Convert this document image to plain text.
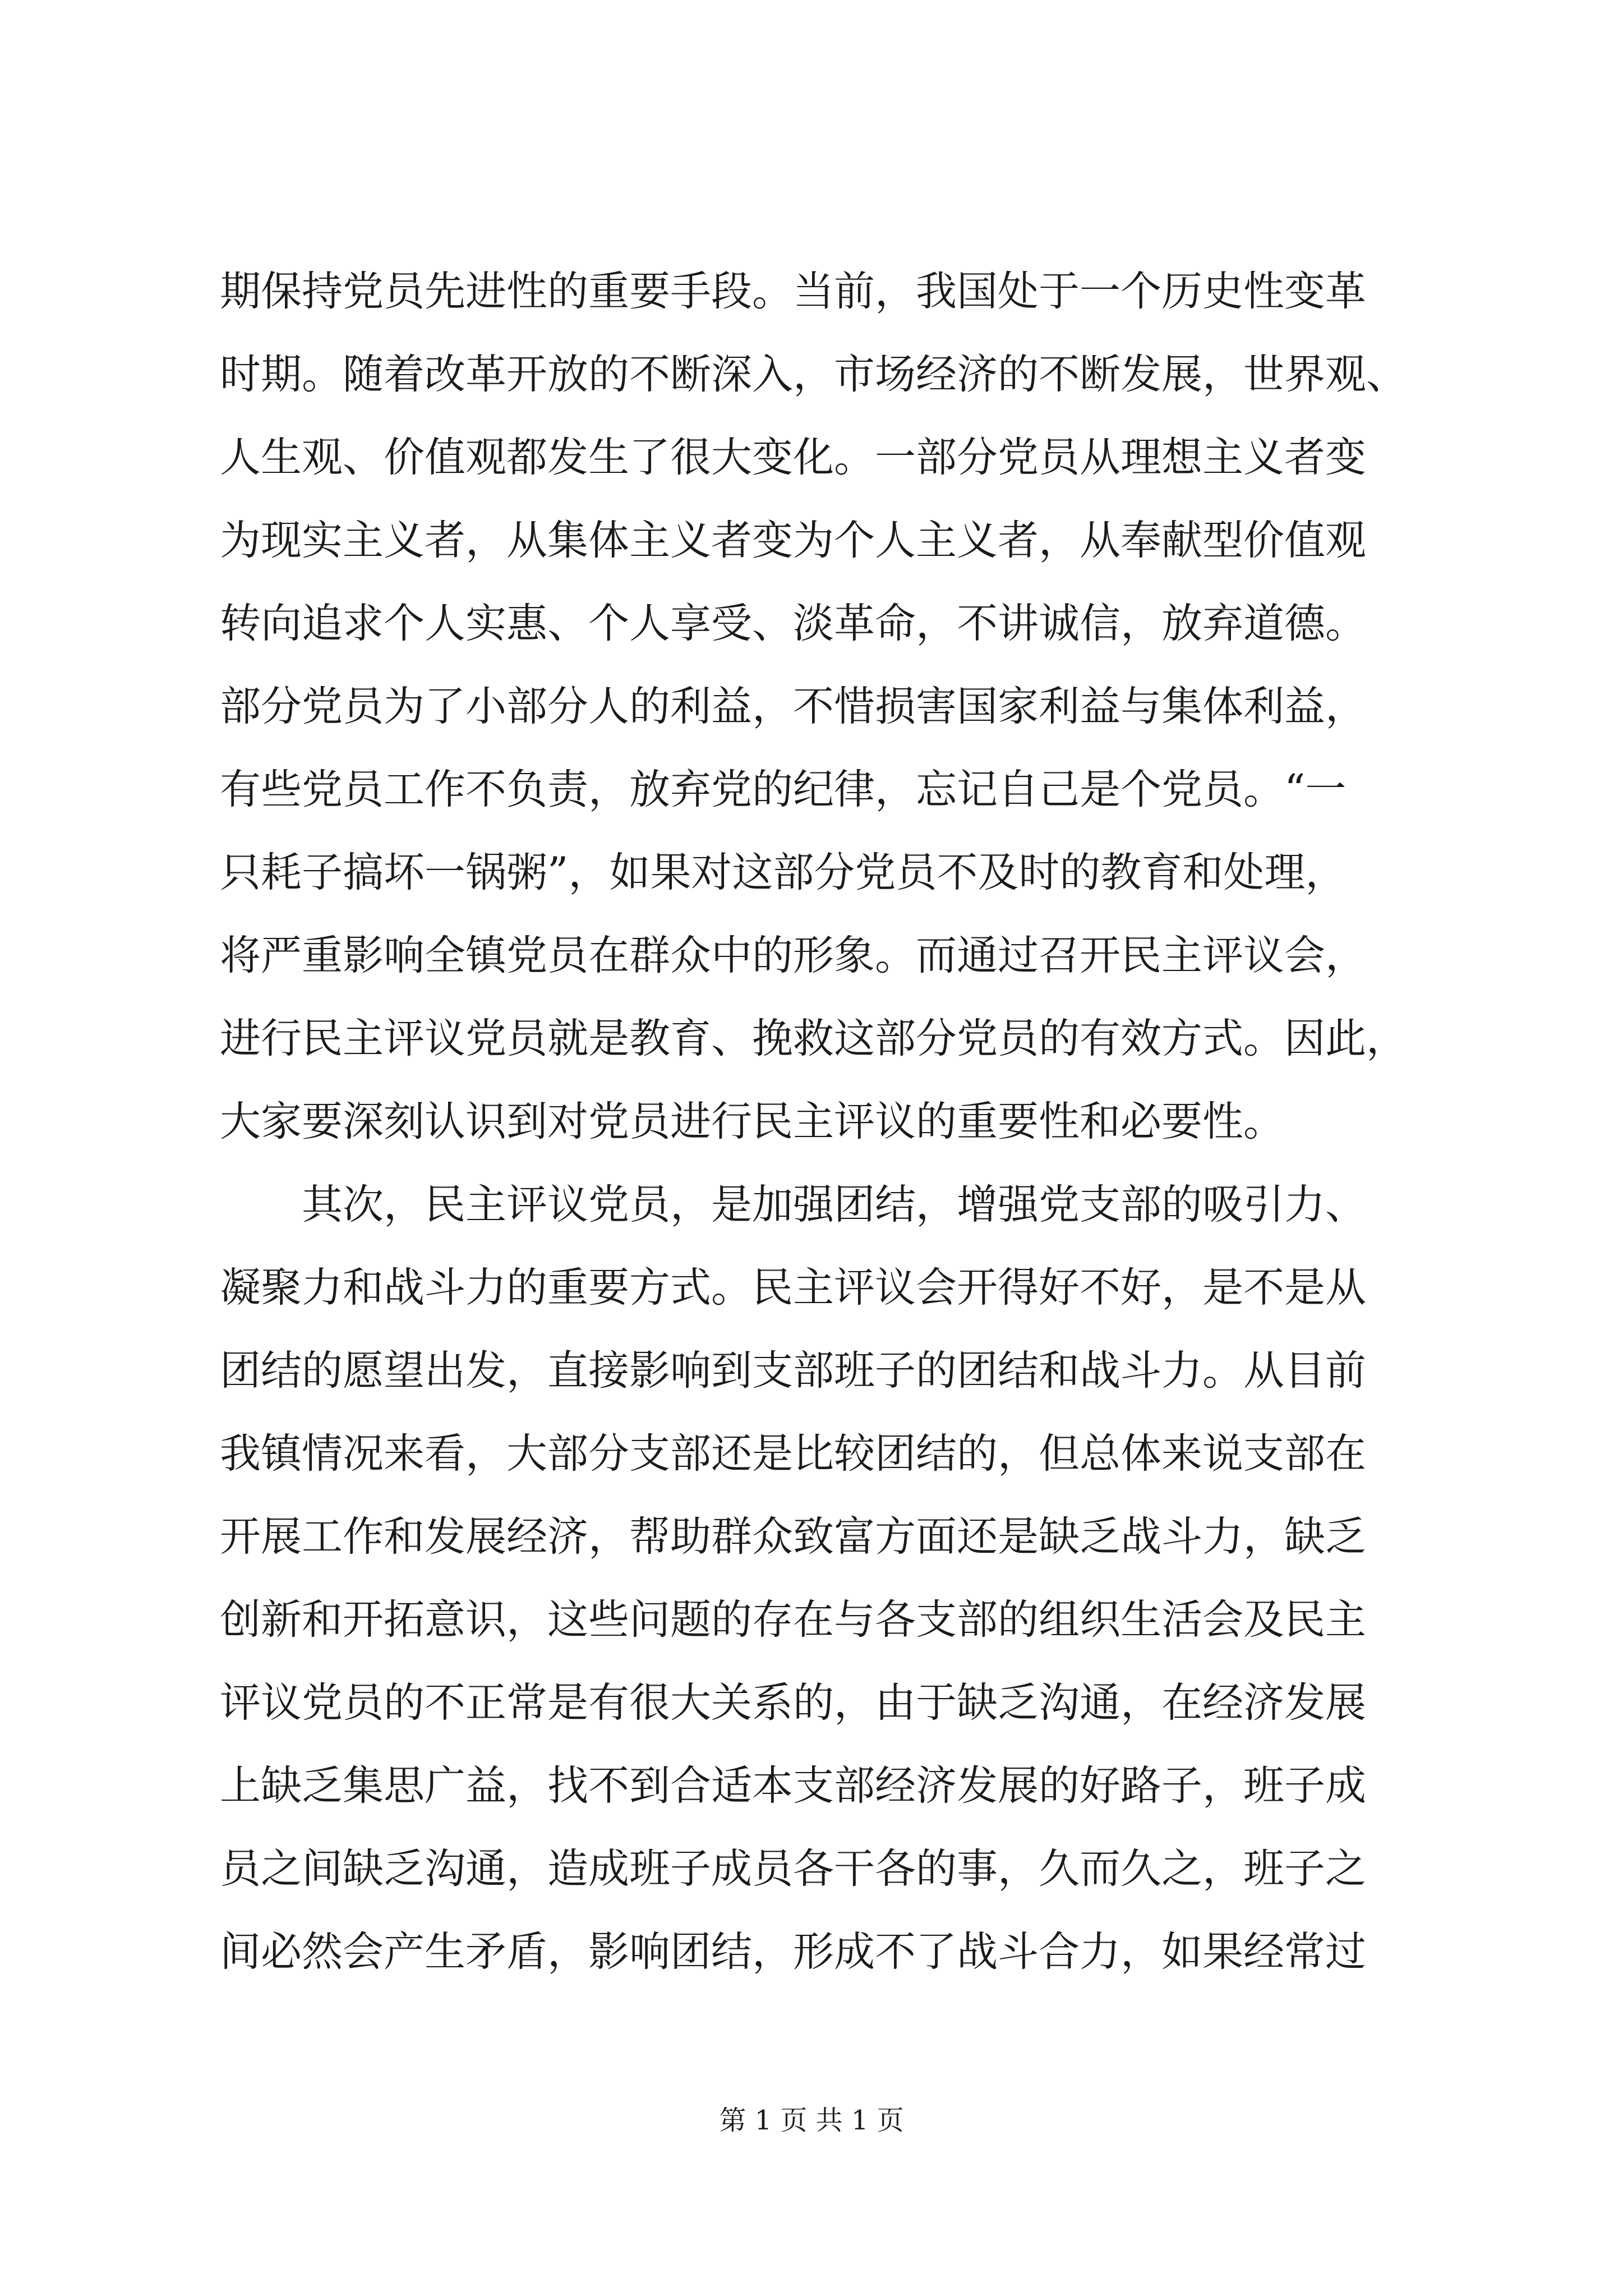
期保持党员先进性的重要手段。当前，我国处于一个历史性变革
时期。随着改革开放的不断深入，市场经济的不断发展，世界观、
人生观、价值观都发生了很大变化。一部分党员从理想主义者变
为现实主义者，从集体主义者变为个人主义者，从奉献型价值观
转向追求个人实惠、个人享受、淡革命，不讲诚信，放弃道德。
部分党员为了小部分人的利益，不惜损害国家利益与集体利益，
有些党员工作不负责，放弃党的纪律，忘记自己是个党员。“一
只耗子搞坏一锅粥”，如果对这部分党员不及时的教育和处理，
将严重影响全镇党员在群众中的形象。而通过召开民主评议会，
进行民主评议党员就是教育、挽救这部分党员的有效方式。因此，
大家要深刻认识到对党员进行民主评议的重要性和必要性。
　　其次，民主评议党员，是加强团结，增强党支部的吸引力、
凝聚力和战斗力的重要方式。民主评议会开得好不好，是不是从
团结的愿望出发，直接影响到支部班子的团结和战斗力。从目前
我镇情况来看，大部分支部还是比较团结的，但总体来说支部在
开展工作和发展经济，帮助群众致富方面还是缺乏战斗力，缺乏
创新和开拓意识，这些问题的存在与各支部的组织生活会及民主
评议党员的不正常是有很大关系的，由于缺乏沟通，在经济发展
上缺乏集思广益，找不到合适本支部经济发展的好路子，班子成
员之间缺乏沟通，造成班子成员各干各的事，久而久之，班子之
间必然会产生矛盾，影响团结，形成不了战斗合力，如果经常过
第 1 页 共 1 页
